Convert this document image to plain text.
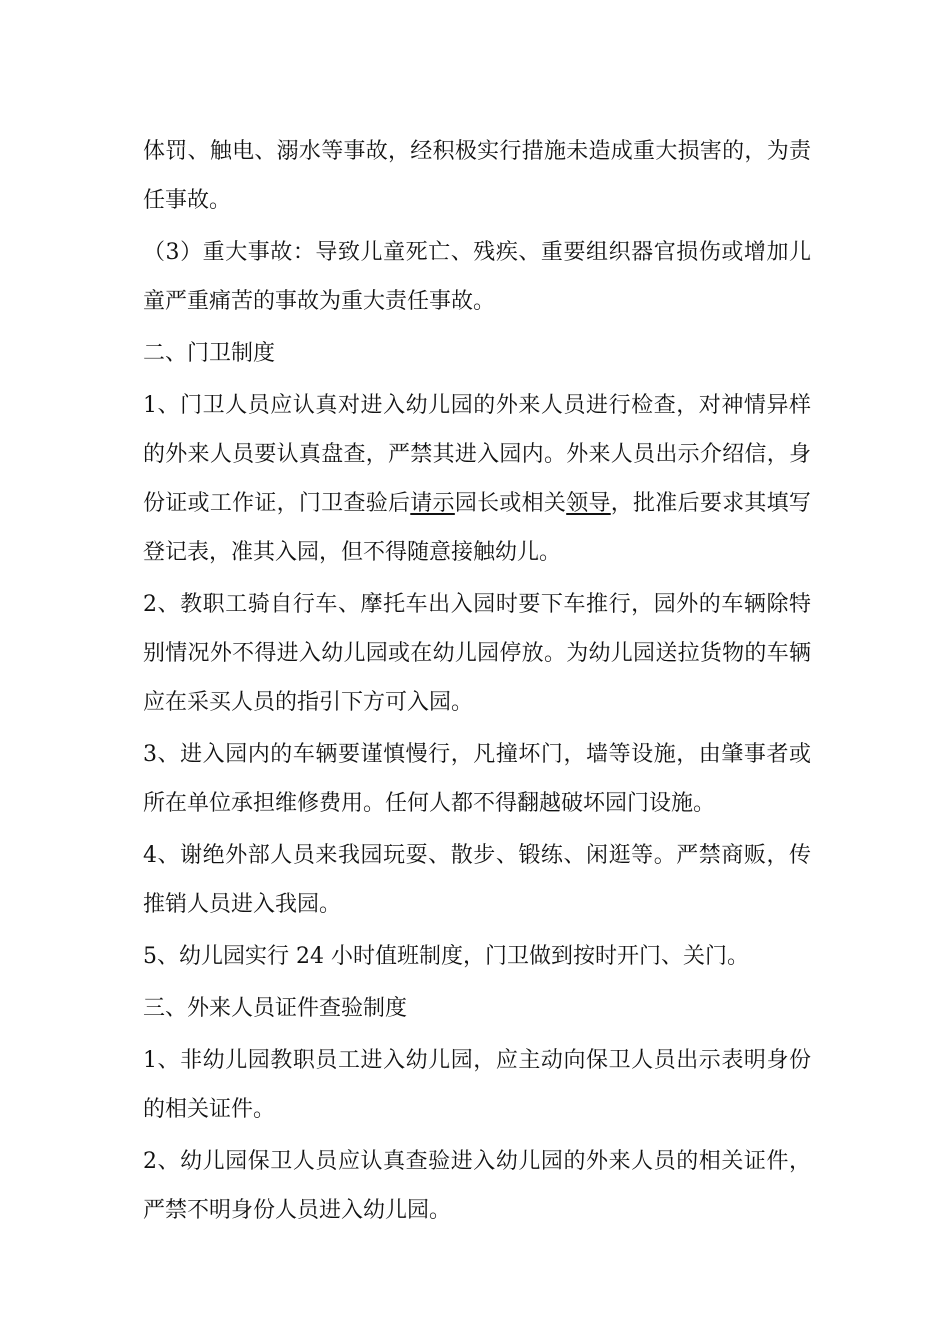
体罚、触电、溺水等事故，经积极实行措施未造成重大损害的，为责任事故。

（3）重大事故：导致儿童死亡、残疾、重要组织器官损伤或增加儿童严重痛苦的事故为重大责任事故。

二、门卫制度

1、门卫人员应认真对进入幼儿园的外来人员进行检查，对神情异样的外来人员要认真盘查，严禁其进入园内。外来人员出示介绍信，身份证或工作证，门卫查验后请示园长或相关领导，批准后要求其填写登记表，准其入园，但不得随意接触幼儿。

2、教职工骑自行车、摩托车出入园时要下车推行，园外的车辆除特别情况外不得进入幼儿园或在幼儿园停放。为幼儿园送拉货物的车辆应在采买人员的指引下方可入园。

3、进入园内的车辆要谨慎慢行，凡撞坏门，墙等设施，由肇事者或所在单位承担维修费用。任何人都不得翻越破坏园门设施。

4、谢绝外部人员来我园玩耍、散步、锻练、闲逛等。严禁商贩，传推销人员进入我园。

5、幼儿园实行 24 小时值班制度，门卫做到按时开门、关门。

三、外来人员证件查验制度

1、非幼儿园教职员工进入幼儿园，应主动向保卫人员出示表明身份的相关证件。

2、幼儿园保卫人员应认真查验进入幼儿园的外来人员的相关证件，严禁不明身份人员进入幼儿园。
